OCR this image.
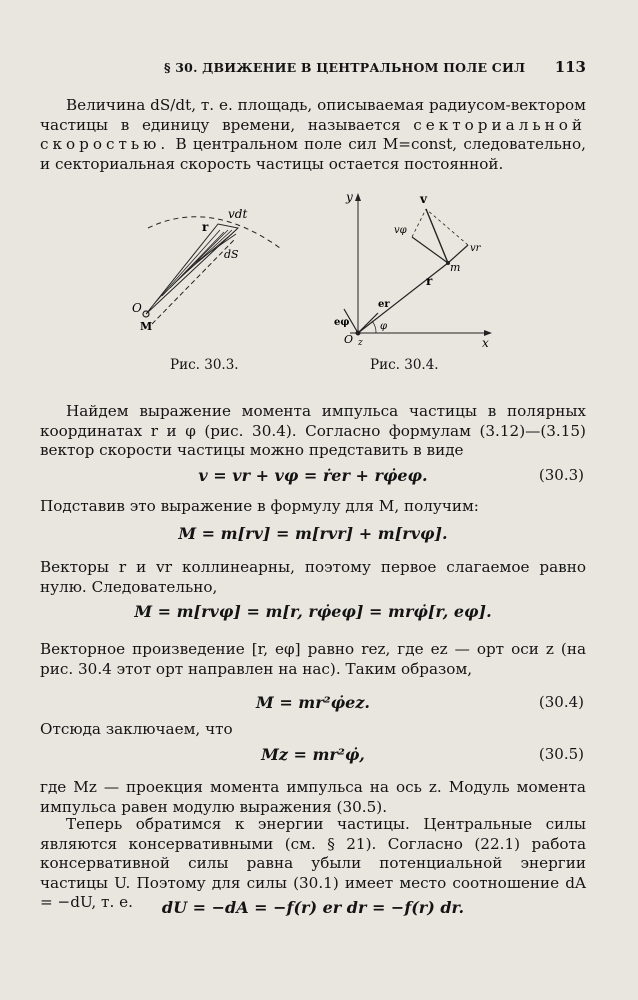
§ 30. ДВИЖЕНИЕ В ЦЕНТРАЛЬНОМ ПОЛЕ СИЛ 113

Величина dS/dt, т. е. площадь, описываемая радиусом-вектором частицы в единицу времени, называется секториальной скоростью. В центральном поле сил M=const, следовательно, и секториальная скорость частицы остается постоянной.

vdt
r
dS
O
M
Рис. 30.3.
y
x
v
vφ
vr
m
r
er
eφ
O z
φ
Рис. 30.4.

Найдем выражение момента импульса частицы в полярных координатах r и φ (рис. 30.4). Согласно формулам (3.12)—(3.15) вектор скорости частицы можно представить в виде

v = vr + vφ = ṙer + rφ̇eφ.	(30.3)

Подставив это выражение в формулу для M, получим:

M = m[rv] = m[rvr] + m[rvφ].

Векторы r и vr коллинеарны, поэтому первое слагаемое равно нулю. Следовательно,

M = m[rvφ] = m[r, rφ̇eφ] = mrφ̇[r, eφ].

Векторное произведение [r, eφ] равно rez, где ez — орт оси z (на рис. 30.4 этот орт направлен на нас). Таким образом,

M = mr²φ̇ez.	(30.4)

Отсюда заключаем, что

Mz = mr²φ̇,	(30.5)

где Mz — проекция момента импульса на ось z. Модуль момента импульса равен модулю выражения (30.5).

Теперь обратимся к энергии частицы. Центральные силы являются консервативными (см. § 21). Согласно (22.1) работа консервативной силы равна убыли потенциальной энергии частицы U. Поэтому для силы (30.1) имеет место соотношение dA = −dU, т. е.	dU = −dA = −f(r) er dr = −f(r) dr.
